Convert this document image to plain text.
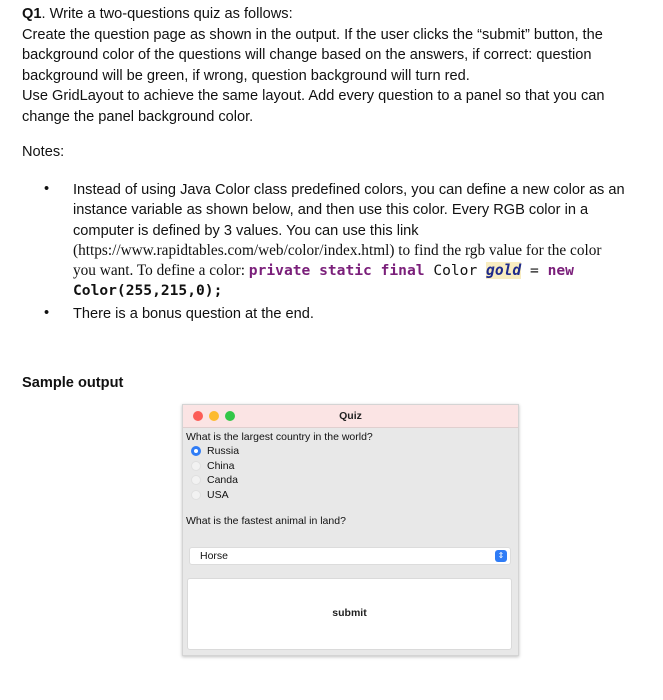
Q1. Write a two-questions quiz as follows:

Create the question page as shown in the output. If the user clicks the “submit” button, the

background color of the questions will change based on the answers, if correct: question

background will be green, if wrong, question background will turn red.

Use GridLayout to achieve the same layout. Add every question to a panel so that you can

change the panel background color.

Notes:
• Instead of using Java Color class predefined colors, you can define a new color as an
instance variable as shown below, and then use this color. Every RGB color in a
computer is defined by 3 values. You can use this link
(https://www.rapidtables.com/web/color/index.html) to find the rgb value for the color
you want. To define a color: private static final Color gold = new
Color(255,215,0);
• There is a bonus question at the end.
Sample output
Quiz
What is the largest country in the world?
Russia
China
Canda
USA
What is the fastest animal in land?
Horse	⇕
submit
